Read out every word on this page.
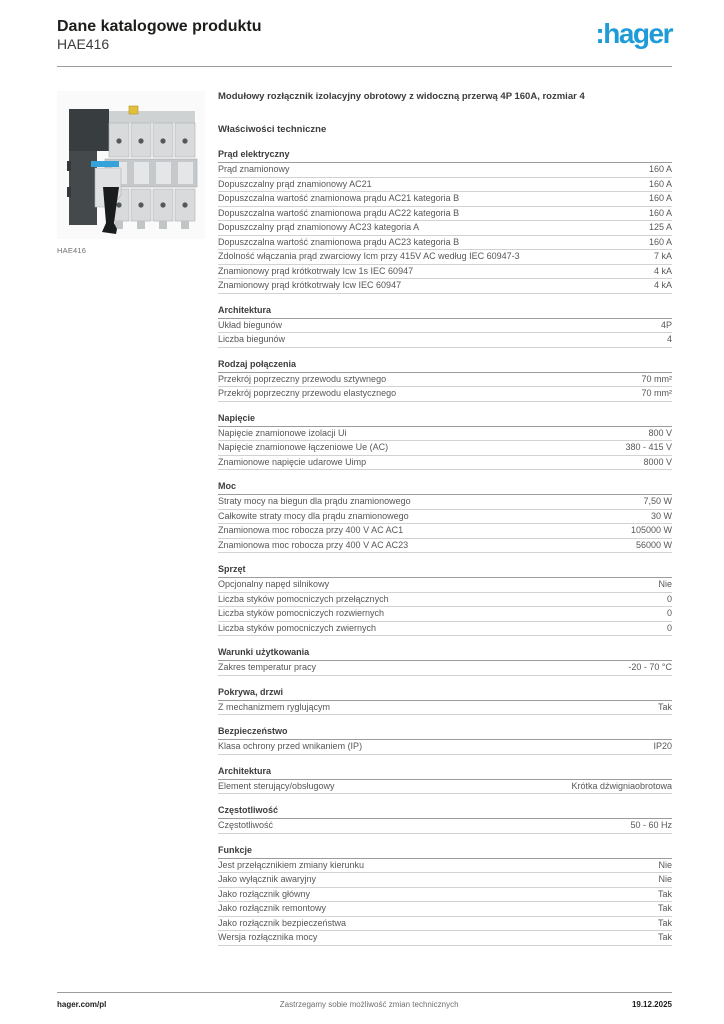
Dane katalogowe produktu
HAE416	:hager
HAE416
Modułowy rozłącznik izolacyjny obrotowy z widoczną przerwą 4P 160A, rozmiar 4
Właściwości techniczne
Prąd elektryczny
Prąd znamionowy	160 A
Dopuszczalny prąd znamionowy AC21	160 A
Dopuszczalna wartość znamionowa prądu AC21 kategoria B	160 A
Dopuszczalna wartość znamionowa prądu AC22 kategoria B	160 A
Dopuszczalny prąd znamionowy AC23 kategoria A	125 A
Dopuszczalna wartość znamionowa prądu AC23 kategoria B	160 A
Zdolność włączania prąd zwarciowy Icm przy 415V AC według IEC 60947-3	7 kA
Znamionowy prąd krótkotrwały Icw 1s IEC 60947	4 kA
Znamionowy prąd krótkotrwały Icw IEC 60947	4 kA
Architektura
Układ biegunów	4P
Liczba biegunów	4
Rodzaj połączenia
Przekrój poprzeczny przewodu sztywnego	70 mm²
Przekrój poprzeczny przewodu elastycznego	70 mm²
Napięcie
Napięcie znamionowe izolacji Ui	800 V
Napięcie znamionowe łączeniowe Ue (AC)	380 - 415 V
Znamionowe napięcie udarowe Uimp	8000 V
Moc
Straty mocy na biegun dla prądu znamionowego	7,50 W
Całkowite straty mocy dla prądu znamionowego	30 W
Znamionowa moc robocza przy 400 V AC AC1	105000 W
Znamionowa moc robocza przy 400 V AC AC23	56000 W
Sprzęt
Opcjonalny napęd silnikowy	Nie
Liczba styków pomocniczych przełącznych	0
Liczba styków pomocniczych rozwiernych	0
Liczba styków pomocniczych zwiernych	0
Warunki użytkowania
Zakres temperatur pracy	-20 - 70 °C
Pokrywa, drzwi
Z mechanizmem ryglującym	Tak
Bezpieczeństwo
Klasa ochrony przed wnikaniem (IP)	IP20
Architektura
Element sterujący/obsługowy	Krótka dźwigniaobrotowa
Częstotliwość
Częstotliwość	50 - 60 Hz
Funkcje
Jest przełącznikiem zmiany kierunku	Nie
Jako wyłącznik awaryjny	Nie
Jako rozłącznik główny	Tak
Jako rozłącznik remontowy	Tak
Jako rozłącznik bezpieczeństwa	Tak
Wersja rozłącznika mocy	Tak
hager.com/pl	Zastrzegamy sobie możliwość zmian technicznych	19.12.2025
